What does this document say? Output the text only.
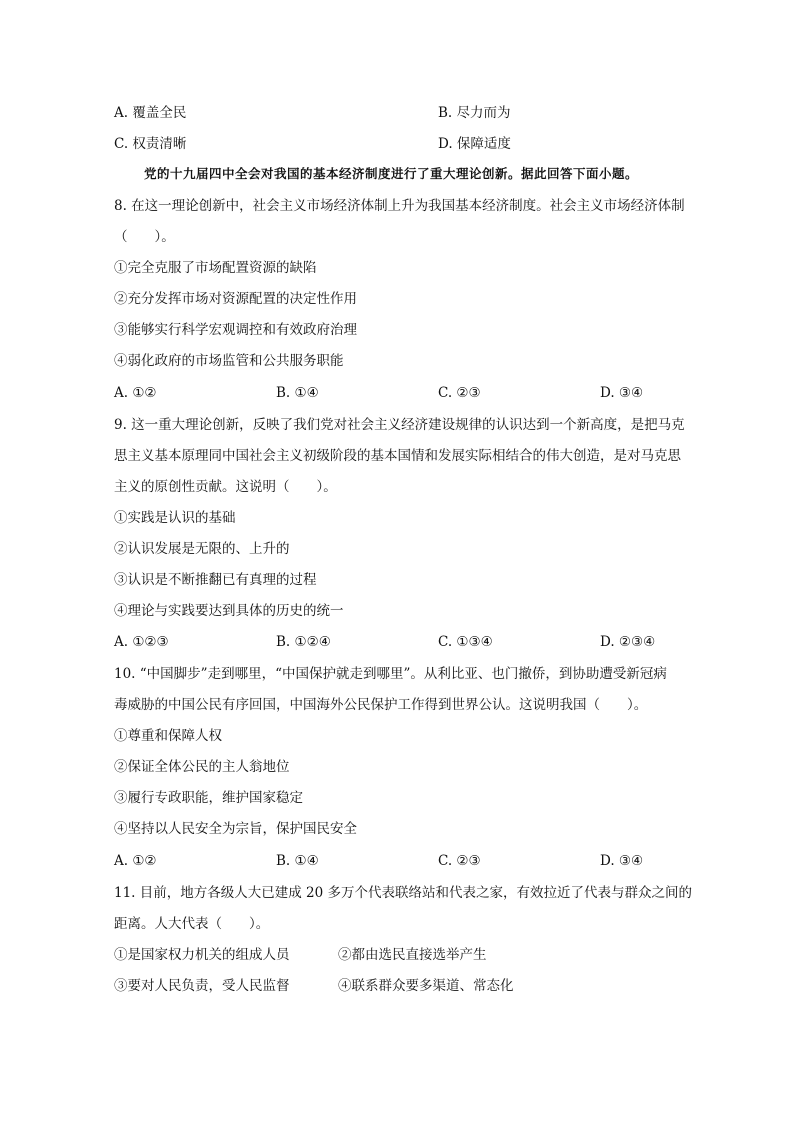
A. 覆盖全民	B. 尽力而为
C. 权责清晰	D. 保障适度
党的十九届四中全会对我国的基本经济制度进行了重大理论创新。据此回答下面小题。
8. 在这一理论创新中，社会主义市场经济体制上升为我国基本经济制度。社会主义市场经济体制
（　　）。
①完全克服了市场配置资源的缺陷
②充分发挥市场对资源配置的决定性作用
③能够实行科学宏观调控和有效政府治理
④弱化政府的市场监管和公共服务职能
A. ①②	B. ①④	C. ②③	D. ③④
9. 这一重大理论创新，反映了我们党对社会主义经济建设规律的认识达到一个新高度，是把马克
思主义基本原理同中国社会主义初级阶段的基本国情和发展实际相结合的伟大创造，是对马克思
主义的原创性贡献。这说明（　　）。
①实践是认识的基础
②认识发展是无限的、上升的
③认识是不断推翻已有真理的过程
④理论与实践要达到具体的历史的统一
A. ①②③	B. ①②④	C. ①③④	D. ②③④
10. “中国脚步”走到哪里，“中国保护就走到哪里”。从利比亚、也门撤侨，到协助遭受新冠病
毒威胁的中国公民有序回国，中国海外公民保护工作得到世界公认。这说明我国（　　）。
①尊重和保障人权
②保证全体公民的主人翁地位
③履行专政职能，维护国家稳定
④坚持以人民安全为宗旨，保护国民安全
A. ①②	B. ①④	C. ②③	D. ③④
11. 目前，地方各级人大已建成 20 多万个代表联络站和代表之家，有效拉近了代表与群众之间的
距离。人大代表（　　）。
①是国家权力机关的组成人员	②都由选民直接选举产生
③要对人民负责，受人民监督	④联系群众要多渠道、常态化
